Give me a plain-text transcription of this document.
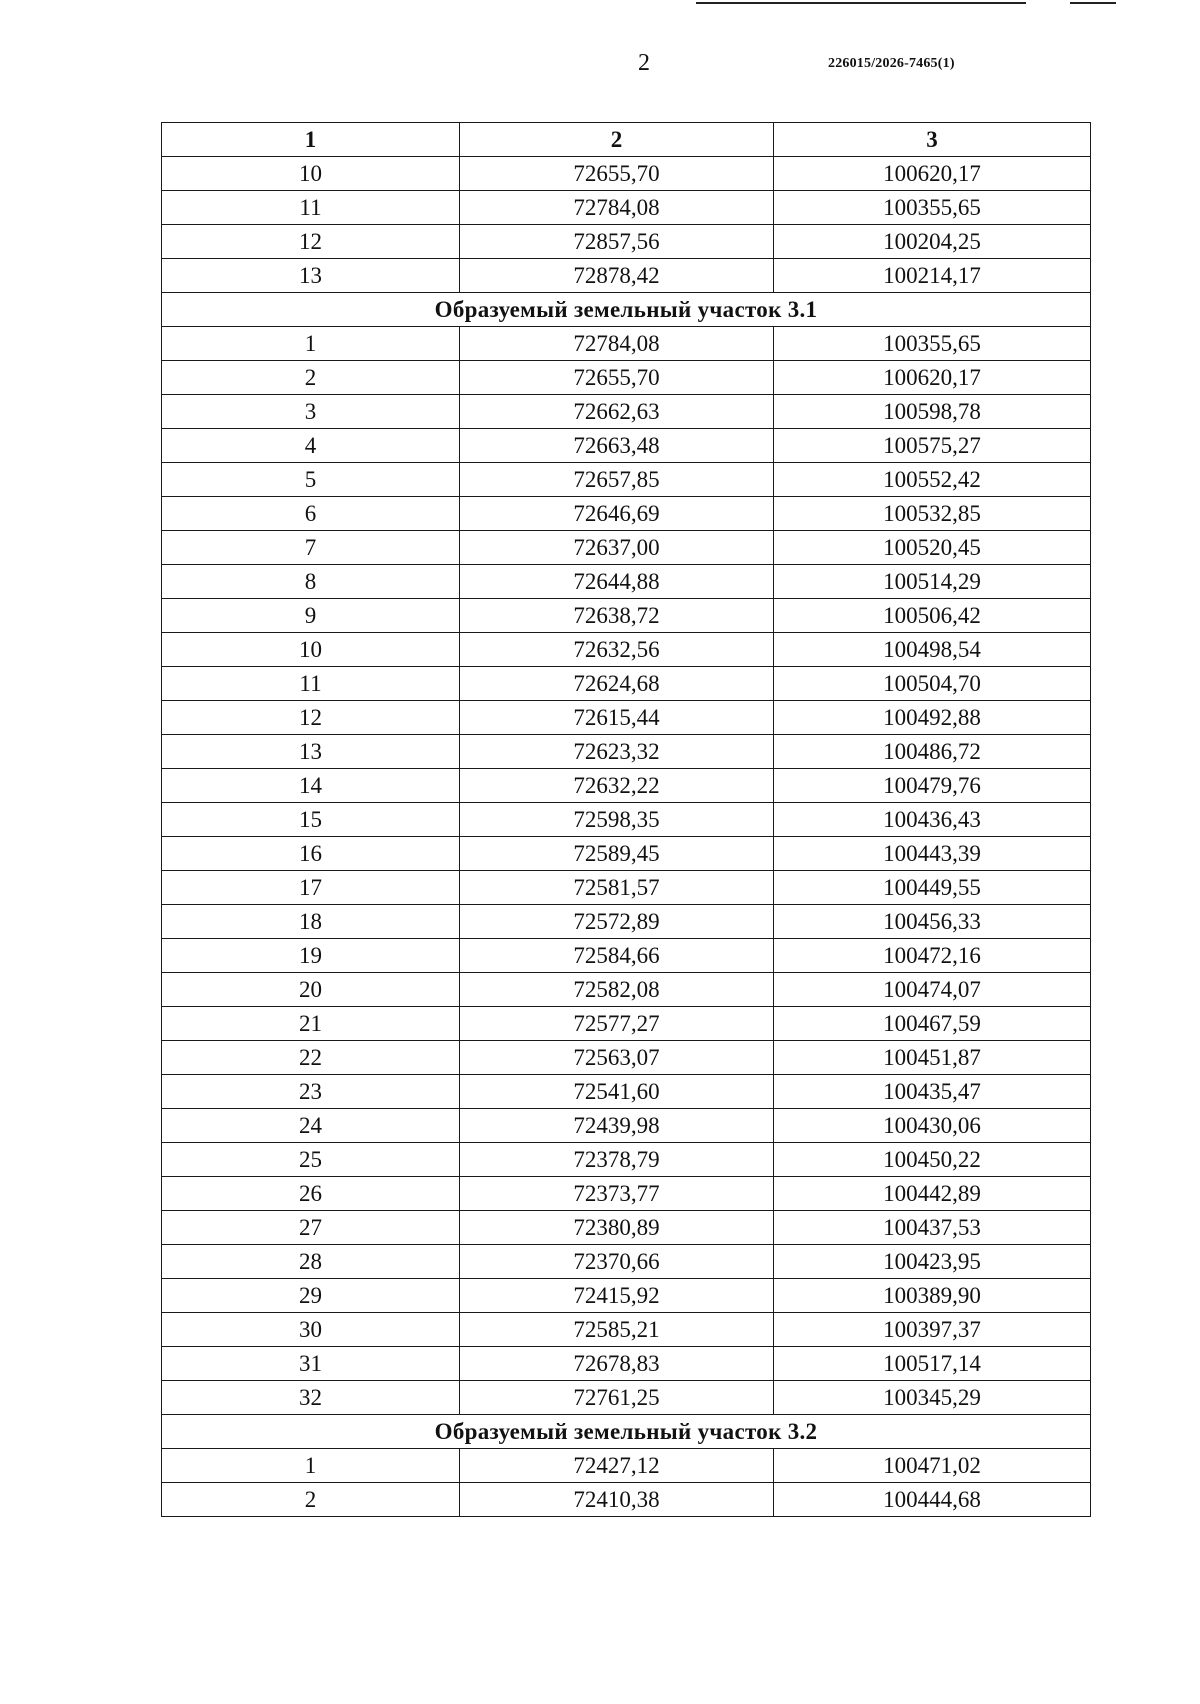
2	226015/2026-7465(1)
1	2	3
10	72655,70	100620,17
11	72784,08	100355,65
12	72857,56	100204,25
13	72878,42	100214,17
Образуемый земельный участок 3.1		
1	72784,08	100355,65
2	72655,70	100620,17
3	72662,63	100598,78
4	72663,48	100575,27
5	72657,85	100552,42
6	72646,69	100532,85
7	72637,00	100520,45
8	72644,88	100514,29
9	72638,72	100506,42
10	72632,56	100498,54
11	72624,68	100504,70
12	72615,44	100492,88
13	72623,32	100486,72
14	72632,22	100479,76
15	72598,35	100436,43
16	72589,45	100443,39
17	72581,57	100449,55
18	72572,89	100456,33
19	72584,66	100472,16
20	72582,08	100474,07
21	72577,27	100467,59
22	72563,07	100451,87
23	72541,60	100435,47
24	72439,98	100430,06
25	72378,79	100450,22
26	72373,77	100442,89
27	72380,89	100437,53
28	72370,66	100423,95
29	72415,92	100389,90
30	72585,21	100397,37
31	72678,83	100517,14
32	72761,25	100345,29
Образуемый земельный участок 3.2		
1	72427,12	100471,02
2	72410,38	100444,68
